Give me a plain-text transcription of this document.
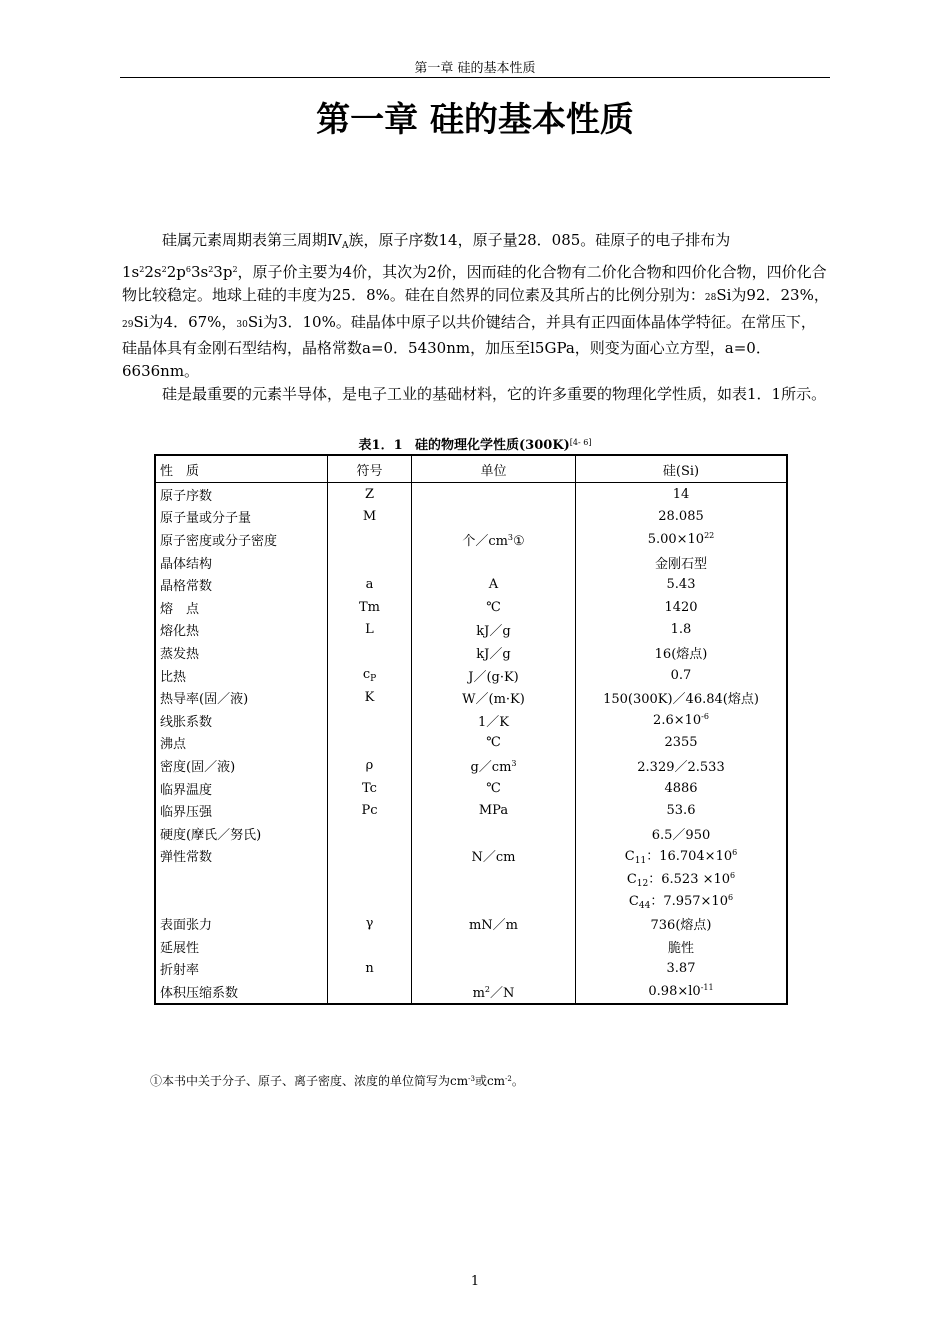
第一章 硅的基本性质
第一章 硅的基本性质

硅属元素周期表第三周期$Ⅳ_A$族，原子序数14，原子量28．085。硅原子的电子排布为$1s^22s^22p^63s^23p^2$，原子价主要为4价，其次为2价，因而硅的化合物有二价化合物和四价化合物，四价化合物比较稳定。地球上硅的丰度为25．8%。硅在自然界的同位素及其所占的比例分别为：28Si为92．23%，29Si为4．67%，30Si为3．10%。硅晶体中原子以共价键结合，并具有正四面体晶体学特征。在常压下，硅晶体具有金刚石型结构，晶格常数a=0．5430nm，加压至l5GPa，则变为面心立方型，a=0．6636nm。

硅是最重要的元素半导体，是电子工业的基础材料，它的许多重要的物理化学性质，如表1．1所示。

表1．1 硅的物理化学性质(300K)[4- 6]
性　质	符号	单位	硅(Si)
原子序数	Z		14
原子量或分子量	M		28.085
原子密度或分子密度		个$/cm^3①$	$5.00\times 10^{22}$
晶体结构			金刚石型
晶格常数	a	A	5.43
熔　点	Tm	℃	1420
熔化热	L	kJ／g	1.8
蒸发热		kJ／g	16(熔点)
比热	$c_P$	J／(g·K)	0.7
热导率(固／液)	K	W／(m·K)	150(300K)／46.84(熔点)
线胀系数		1／K	$2.6\times 10^{-6}$
沸点		℃	2355
密度(固／液)	ρ	$g/cm^3$	2.329／2.533
临界温度	Tc	℃	4886
临界压强	Pc	MPa	53.6
硬度(摩氏／努氏)			6.5／950
弹性常数		N／cm	$C_{11}$：$16.704\times 10^6$
			$C_{12}$：$6.523 \times 10^6$
			$C_{44}$：$7.957\times 10^6$
表面张力	γ	mN／m	736(熔点)
延展性			脆性
折射率	n		3.87
体积压缩系数		$m^2/N$	$0.98\times l0^{-11}$
①本书中关于分子、原子、离子密度、浓度的单位简写为$cm^{-3}$或$cm^{-2}$。
1
